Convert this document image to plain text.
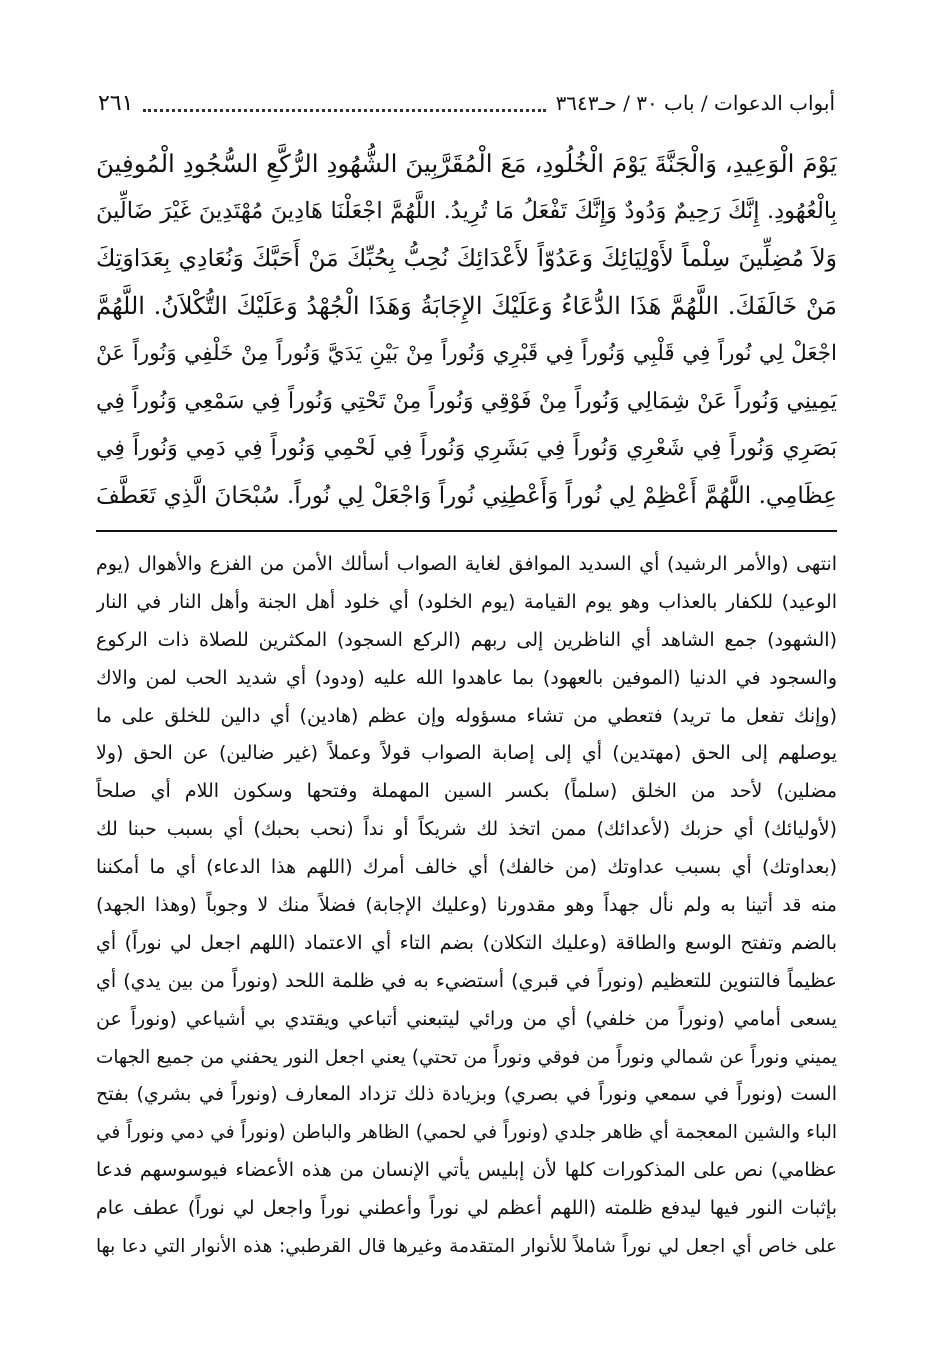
أبواب الدعوات / باب ٣٠ / حـ٣٦٤٣
٢٦١
يَوْمَ الْوَعِيدِ، وَالْجَنَّةَ يَوْمَ الْخُلُودِ، مَعَ الْمُقَرَّبِينَ الشُّهُودِ الرُّكَّعِ السُّجُودِ الْمُوفِينَ
بِالْعُهُودِ. إِنَّكَ رَحِيمٌ وَدُودٌ وَإِنَّكَ تَفْعَلُ مَا تُرِيدُ. اللَّهُمَّ اجْعَلْنَا هَادِينَ مُهْتَدِينَ غَيْرَ ضَالِّينَ
وَلاَ مُضِلِّينَ سِلْماً لأَوْلِيَائِكَ وَعَدُوّاً لأَعْدَائِكَ نُحِبُّ بِحُبِّكَ مَنْ أَحَبَّكَ وَنُعَادِي بِعَدَاوَتِكَ
مَنْ خَالَفَكَ. اللَّهُمَّ هَذَا الدُّعَاءُ وَعَلَيْكَ الإِجَابَةُ وَهَذَا الْجُهْدُ وَعَلَيْكَ التُّكْلاَنُ. اللَّهُمَّ
اجْعَلْ لِي نُوراً فِي قَلْبِي وَنُوراً فِي قَبْرِي وَنُوراً مِنْ بَيْنِ يَدَيَّ وَنُوراً مِنْ خَلْفِي وَنُوراً عَنْ
يَمِينِي وَنُوراً عَنْ شِمَالِي وَنُوراً مِنْ فَوْقِي وَنُوراً مِنْ تَحْتِي وَنُوراً فِي سَمْعِي وَنُوراً فِي
بَصَرِي وَنُوراً فِي شَعْرِي وَنُوراً فِي بَشَرِي وَنُوراً فِي لَحْمِي وَنُوراً فِي دَمِي وَنُوراً فِي
عِظَامِي. اللَّهُمَّ أَعْظِمْ لِي نُوراً وَأَعْطِنِي نُوراً وَاجْعَلْ لِي نُوراً. سُبْحَانَ الَّذِي تَعَطَّفَ
انتهى (والأمر الرشيد) أي السديد الموافق لغاية الصواب أسألك الأمن من الفزع والأهوال (يوم
الوعيد) للكفار بالعذاب وهو يوم القيامة (يوم الخلود) أي خلود أهل الجنة وأهل النار في النار
(الشهود) جمع الشاهد أي الناظرين إلى ربهم (الركع السجود) المكثرين للصلاة ذات الركوع
والسجود في الدنيا (الموفين بالعهود) بما عاهدوا الله عليه (ودود) أي شديد الحب لمن والاك
(وإنك تفعل ما تريد) فتعطي من تشاء مسؤوله وإن عظم (هادين) أي دالين للخلق على ما
يوصلهم إلى الحق (مهتدين) أي إلى إصابة الصواب قولاً وعملاً (غير ضالين) عن الحق (ولا
مضلين) لأحد من الخلق (سلماً) بكسر السين المهملة وفتحها وسكون اللام أي صلحاً
(لأوليائك) أي حزبك (لأعدائك) ممن اتخذ لك شريكاً أو نداً (نحب بحبك) أي بسبب حبنا لك
(بعداوتك) أي بسبب عداوتك (من خالفك) أي خالف أمرك (اللهم هذا الدعاء) أي ما أمكننا
منه قد أتينا به ولم نأل جهداً وهو مقدورنا (وعليك الإجابة) فضلاً منك لا وجوباً (وهذا الجهد)
بالضم وتفتح الوسع والطاقة (وعليك التكلان) بضم التاء أي الاعتماد (اللهم اجعل لي نوراً) أي
عظيماً فالتنوين للتعظيم (ونوراً في قبري) أستضيء به في ظلمة اللحد (ونوراً من بين يدي) أي
يسعى أمامي (ونوراً من خلفي) أي من ورائي ليتبعني أتباعي ويقتدي بي أشياعي (ونوراً عن
يميني ونوراً عن شمالي ونوراً من فوقي ونوراً من تحتي) يعني اجعل النور يحفني من جميع الجهات
الست (ونوراً في سمعي ونوراً في بصري) وبزيادة ذلك تزداد المعارف (ونوراً في بشري) بفتح
الباء والشين المعجمة أي ظاهر جلدي (ونوراً في لحمي) الظاهر والباطن (ونوراً في دمي ونوراً في
عظامي) نص على المذكورات كلها لأن إبليس يأتي الإنسان من هذه الأعضاء فيوسوسهم فدعا
بإثبات النور فيها ليدفع ظلمته (اللهم أعظم لي نوراً وأعطني نوراً واجعل لي نوراً) عطف عام
على خاص أي اجعل لي نوراً شاملاً للأنوار المتقدمة وغيرها قال القرطبي: هذه الأنوار التي دعا بها
